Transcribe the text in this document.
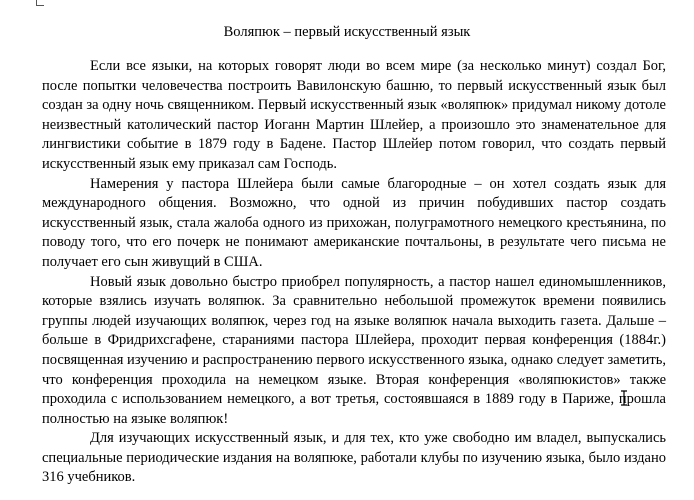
Воляпюк – первый искусственный язык

Если все языки, на которых говорят люди во всем мире (за несколько минут) создал Бог, после попытки человечества построить Вавилонскую башню, то первый искусственный язык был создан за одну ночь священником. Первый искусственный язык «воляпюк» придумал никому дотоле неизвестный католический пастор Иоганн Мартин Шлейер, а произошло это знаменательное для лингвистики событие в 1879 году в Бадене. Пастор Шлейер потом говорил, что создать первый искусственный язык ему приказал сам Господь.

Намерения у пастора Шлейера были самые благородные – он хотел создать язык для международного общения. Возможно, что одной из причин побудивших пастор создать искусственный язык, стала жалоба одного из прихожан, полуграмотного немецкого крестьянина, по поводу того, что его почерк не понимают американские почтальоны, в результате чего письма не получает его сын живущий в США.

Новый язык довольно быстро приобрел популярность, а пастор нашел единомышленников, которые взялись изучать воляпюк. За сравнительно небольшой промежуток времени появились группы людей изучающих воляпюк, через год на языке воляпюк начала выходить газета. Дальше – больше в Фридрихсгафене, стараниями пастора Шлейера, проходит первая конференция (1884г.) посвященная изучению и распространению первого искусственного языка, однако следует заметить, что конференция проходила на немецком языке. Вторая конференция «воляпюкистов» также проходила с использованием немецкого, а вот третья, состоявшаяся в 1889 году в Париже, прошла полностью на языке воляпюк!

Для изучающих искусственный язык, и для тех, кто уже свободно им владел, выпускались специальные периодические издания на воляпюке, работали клубы по изучению языка, было издано 316 учебников.
